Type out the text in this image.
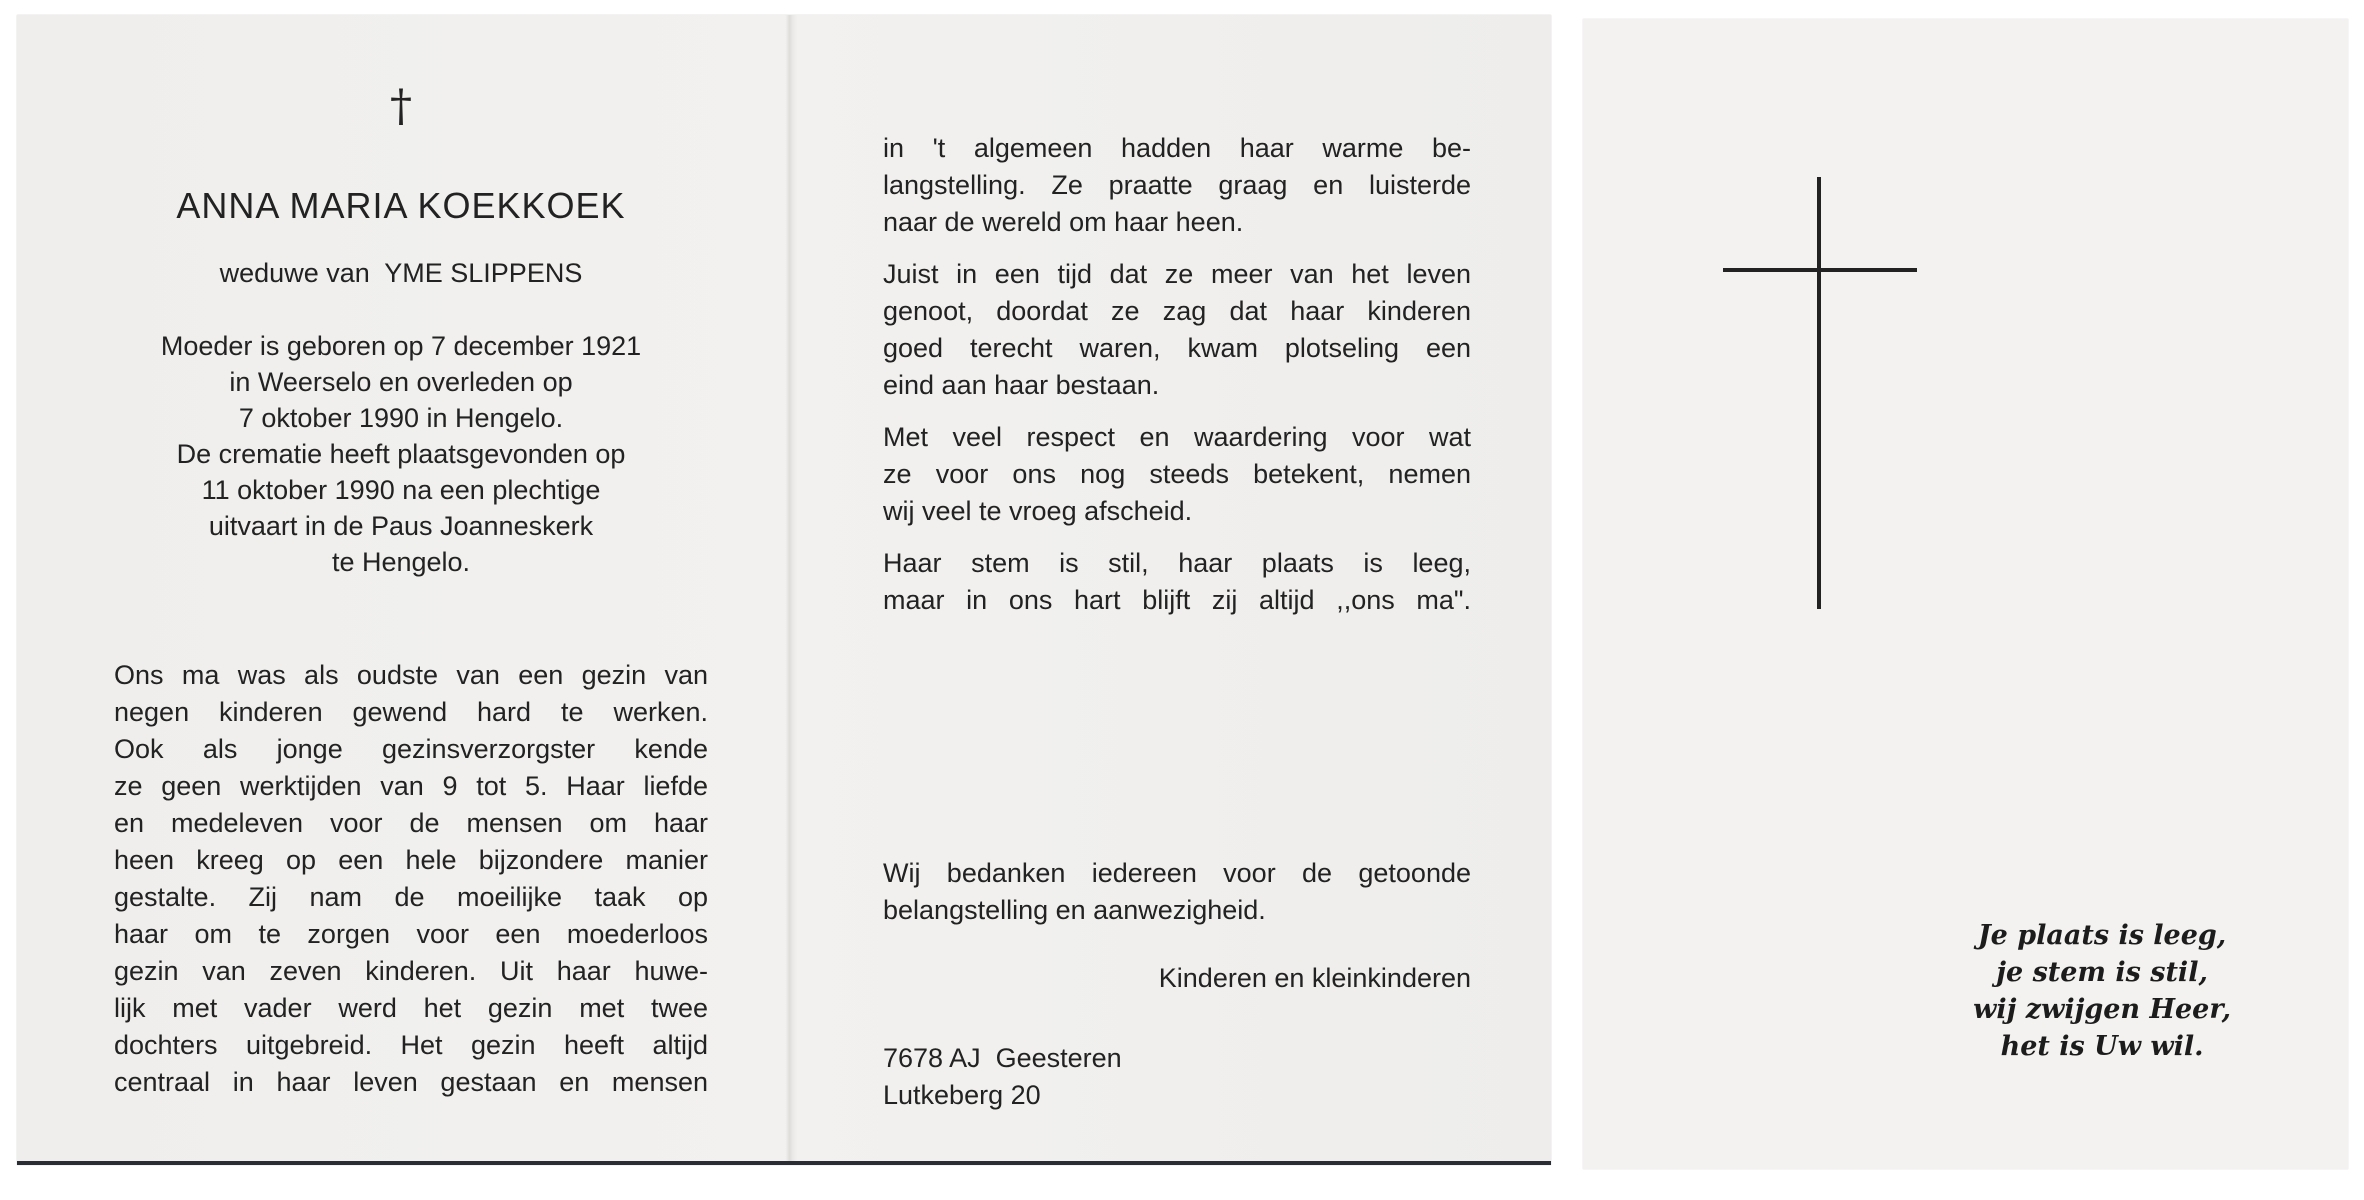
†
ANNA MARIA KOEKKOEK
weduwe van  YME SLIPPENS
Moeder is geboren op 7 december 1921
in Weerselo en overleden op
7 oktober 1990 in Hengelo.
De crematie heeft plaatsgevonden op
11 oktober 1990 na een plechtige
uitvaart in de Paus Joanneskerk
te Hengelo.
Ons ma was als oudste van een gezin van
negen kinderen gewend hard te werken.
Ook als jonge gezinsverzorgster kende
ze geen werktijden van 9 tot 5. Haar liefde
en medeleven voor de mensen om haar
heen kreeg op een hele bijzondere manier
gestalte. Zij nam de moeilijke taak op
haar om te zorgen voor een moederloos
gezin van zeven kinderen. Uit haar huwe-
lijk met vader werd het gezin met twee
dochters uitgebreid. Het gezin heeft altijd
centraal in haar leven gestaan en mensen
in 't algemeen hadden haar warme be-
langstelling. Ze praatte graag en luisterde
naar de wereld om haar heen.
Juist in een tijd dat ze meer van het leven
genoot, doordat ze zag dat haar kinderen
goed terecht waren, kwam plotseling een
eind aan haar bestaan.
Met veel respect en waardering voor wat
ze voor ons nog steeds betekent, nemen
wij veel te vroeg afscheid.
Haar stem is stil, haar plaats is leeg,
maar in ons hart blijft zij altijd ,,ons ma".
Wij bedanken iedereen voor de getoonde
belangstelling en aanwezigheid.
Kinderen en kleinkinderen
7678 AJ  Geesteren
Lutkeberg 20
Je plaats is leeg,
je stem is stil,
wij zwijgen Heer,
het is Uw wil.
